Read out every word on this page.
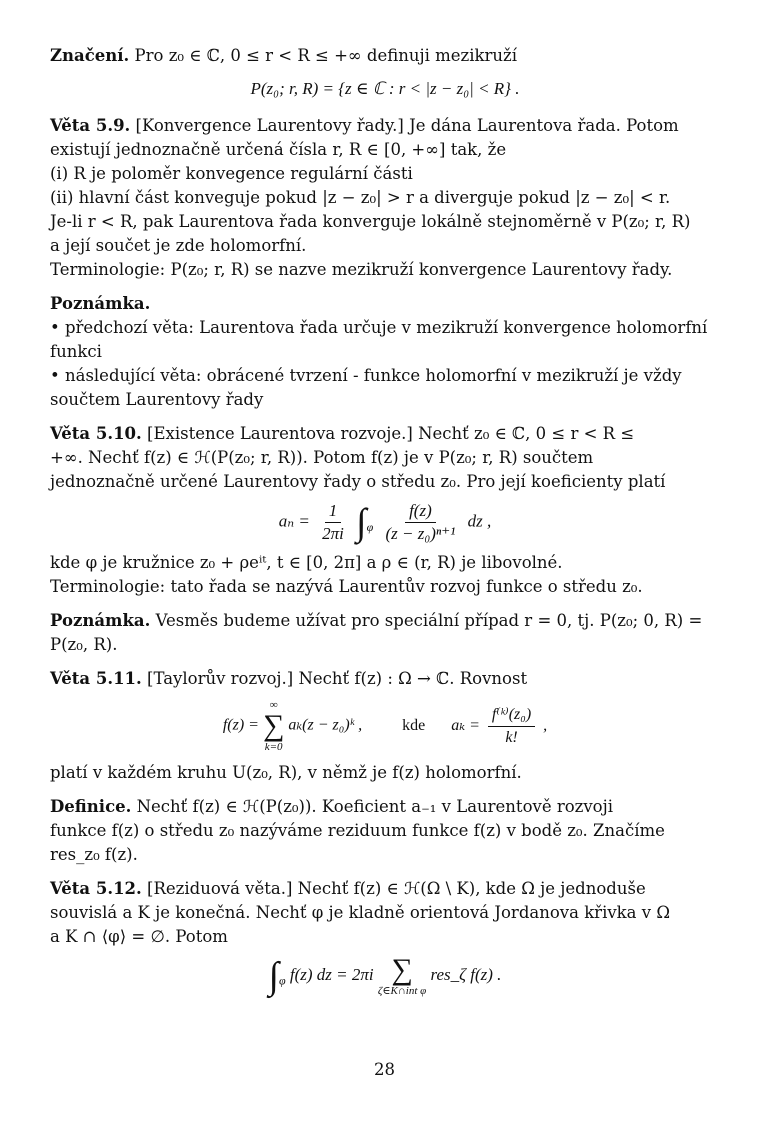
Značení. Pro z₀ ∈ ℂ, 0 ≤ r < R ≤ +∞ definuji mezikruží

P(z₀; r, R) = {z ∈ ℂ : r < |z − z₀| < R} .

Věta 5.9. [Konvergence Laurentovy řady.] Je dána Laurentova řada. Potom

existují jednoznačně určená čísla r, R ∈ [0, +∞] tak, že

(i) R je poloměr konvegence regulární části

(ii) hlavní část konveguje pokud |z − z₀| > r a diverguje pokud |z − z₀| < r.

Je-li r < R, pak Laurentova řada konverguje lokálně stejnoměrně v P(z₀; r, R)

a její součet je zde holomorfní.

Terminologie: P(z₀; r, R) se nazve mezikruží konvergence Laurentovy řady.

Poznámka.

• předchozí věta: Laurentova řada určuje v mezikruží konvergence holomorfní

funkci

• následující věta: obrácené tvrzení - funkce holomorfní v mezikruží je vždy

součtem Laurentovy řady

Věta 5.10. [Existence Laurentova rozvoje.] Nechť z₀ ∈ ℂ, 0 ≤ r < R ≤

+∞. Nechť f(z) ∈ ℋ(P(z₀; r, R)). Potom f(z) je v P(z₀; r, R) součtem

jednoznačně určené Laurentovy řady o středu z₀. Pro její koeficienty platí

$a_n = \frac{1}{2\pi i} \int_\varphi \frac{f(z)}{\text{(z − z₀)ⁿ⁺¹}}$ dz ,

kde φ je kružnice z₀ + ρeⁱᵗ, t ∈ [0, 2π] a ρ ∈ (r, R) je libovolné.

Terminologie: tato řada se nazývá Laurentův rozvoj funkce o středu z₀.

Poznámka. Vesměs budeme užívat pro speciální případ r = 0, tj. P(z₀; 0, R) =

P(z₀, R).

Věta 5.11. [Taylorův rozvoj.] Nechť f(z) : Ω → ℂ. Rovnost

f(z) =
∞
∑
k=0
aₖ(z − z₀)ᵏ ,	kde $a_k = \frac{\text{f⁽ᵏ⁾(z₀)}}{k!}$ ,

platí v každém kruhu U(z₀, R), v němž je f(z) holomorfní.

Definice. Nechť f(z) ∈ ℋ(P(z₀)). Koeficient a₋₁ v Laurentově rozvoji

funkce f(z) o středu z₀ nazýváme reziduum funkce f(z) v bodě z₀. Značíme

res_z₀ f(z).

Věta 5.12. [Reziduová věta.] Nechť f(z) ∈ ℋ(Ω \ K), kde Ω je jednoduše

souvislá a K je konečná. Nechť φ je kladně orientová Jordanova křivka v Ω

a K ∩ ⟨φ⟩ = ∅. Potom

$\int_\varphi$ f(z) dz = 2πi ∑
ζ∈K∩int φ
res_ζ f(z) .
28
